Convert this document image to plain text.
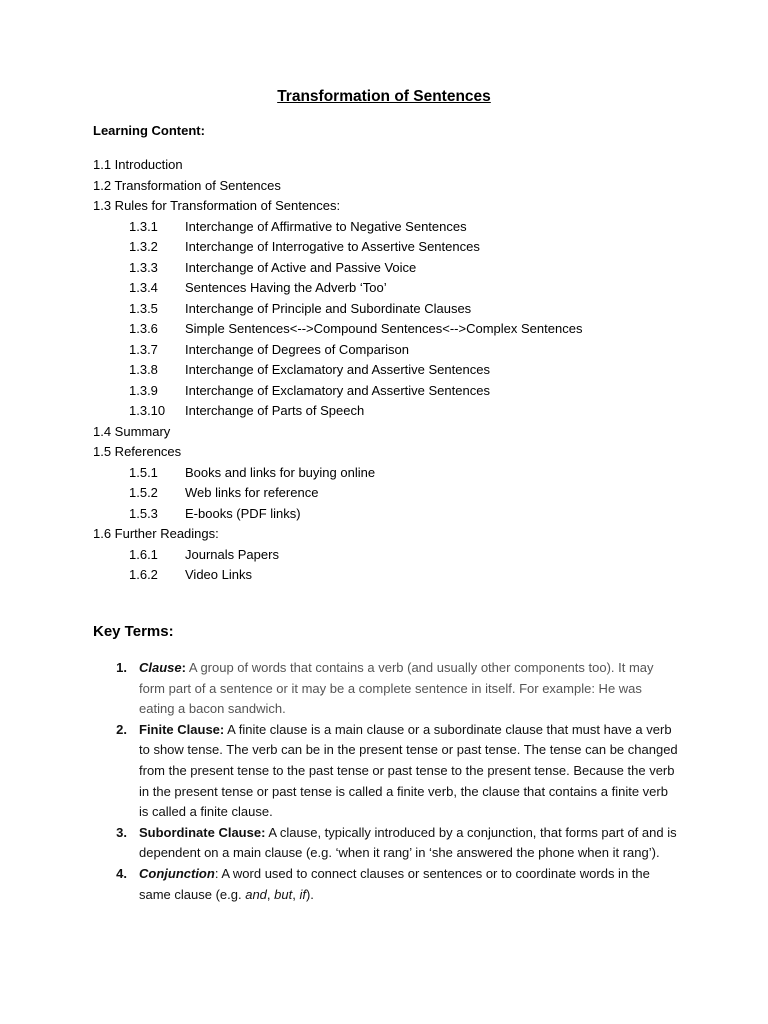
Transformation of Sentences
Learning Content:
1.1 Introduction
1.2 Transformation of Sentences
1.3 Rules for Transformation of Sentences:
1.3.1 Interchange of Affirmative to Negative Sentences
1.3.2 Interchange of Interrogative to Assertive Sentences
1.3.3 Interchange of Active and Passive Voice
1.3.4 Sentences Having the Adverb ‘Too’
1.3.5 Interchange of Principle and Subordinate Clauses
1.3.6 Simple Sentences<-->Compound Sentences<-->Complex Sentences
1.3.7 Interchange of Degrees of Comparison
1.3.8 Interchange of Exclamatory and Assertive Sentences
1.3.9 Interchange of Exclamatory and Assertive Sentences
1.3.10 Interchange of Parts of Speech
1.4 Summary
1.5 References
1.5.1 Books and links for buying online
1.5.2 Web links for reference
1.5.3 E-books (PDF links)
1.6 Further Readings:
1.6.1 Journals Papers
1.6.2 Video Links
Key Terms:
1. Clause: A group of words that contains a verb (and usually other components too). It may form part of a sentence or it may be a complete sentence in itself. For example: He was eating a bacon sandwich.
2. Finite Clause: A finite clause is a main clause or a subordinate clause that must have a verb to show tense. The verb can be in the present tense or past tense. The tense can be changed from the present tense to the past tense or past tense to the present tense. Because the verb in the present tense or past tense is called a finite verb, the clause that contains a finite verb is called a finite clause.
3. Subordinate Clause: A clause, typically introduced by a conjunction, that forms part of and is dependent on a main clause (e.g. ‘when it rang’ in ‘she answered the phone when it rang’).
4. Conjunction: A word used to connect clauses or sentences or to coordinate words in the same clause (e.g. and, but, if).
